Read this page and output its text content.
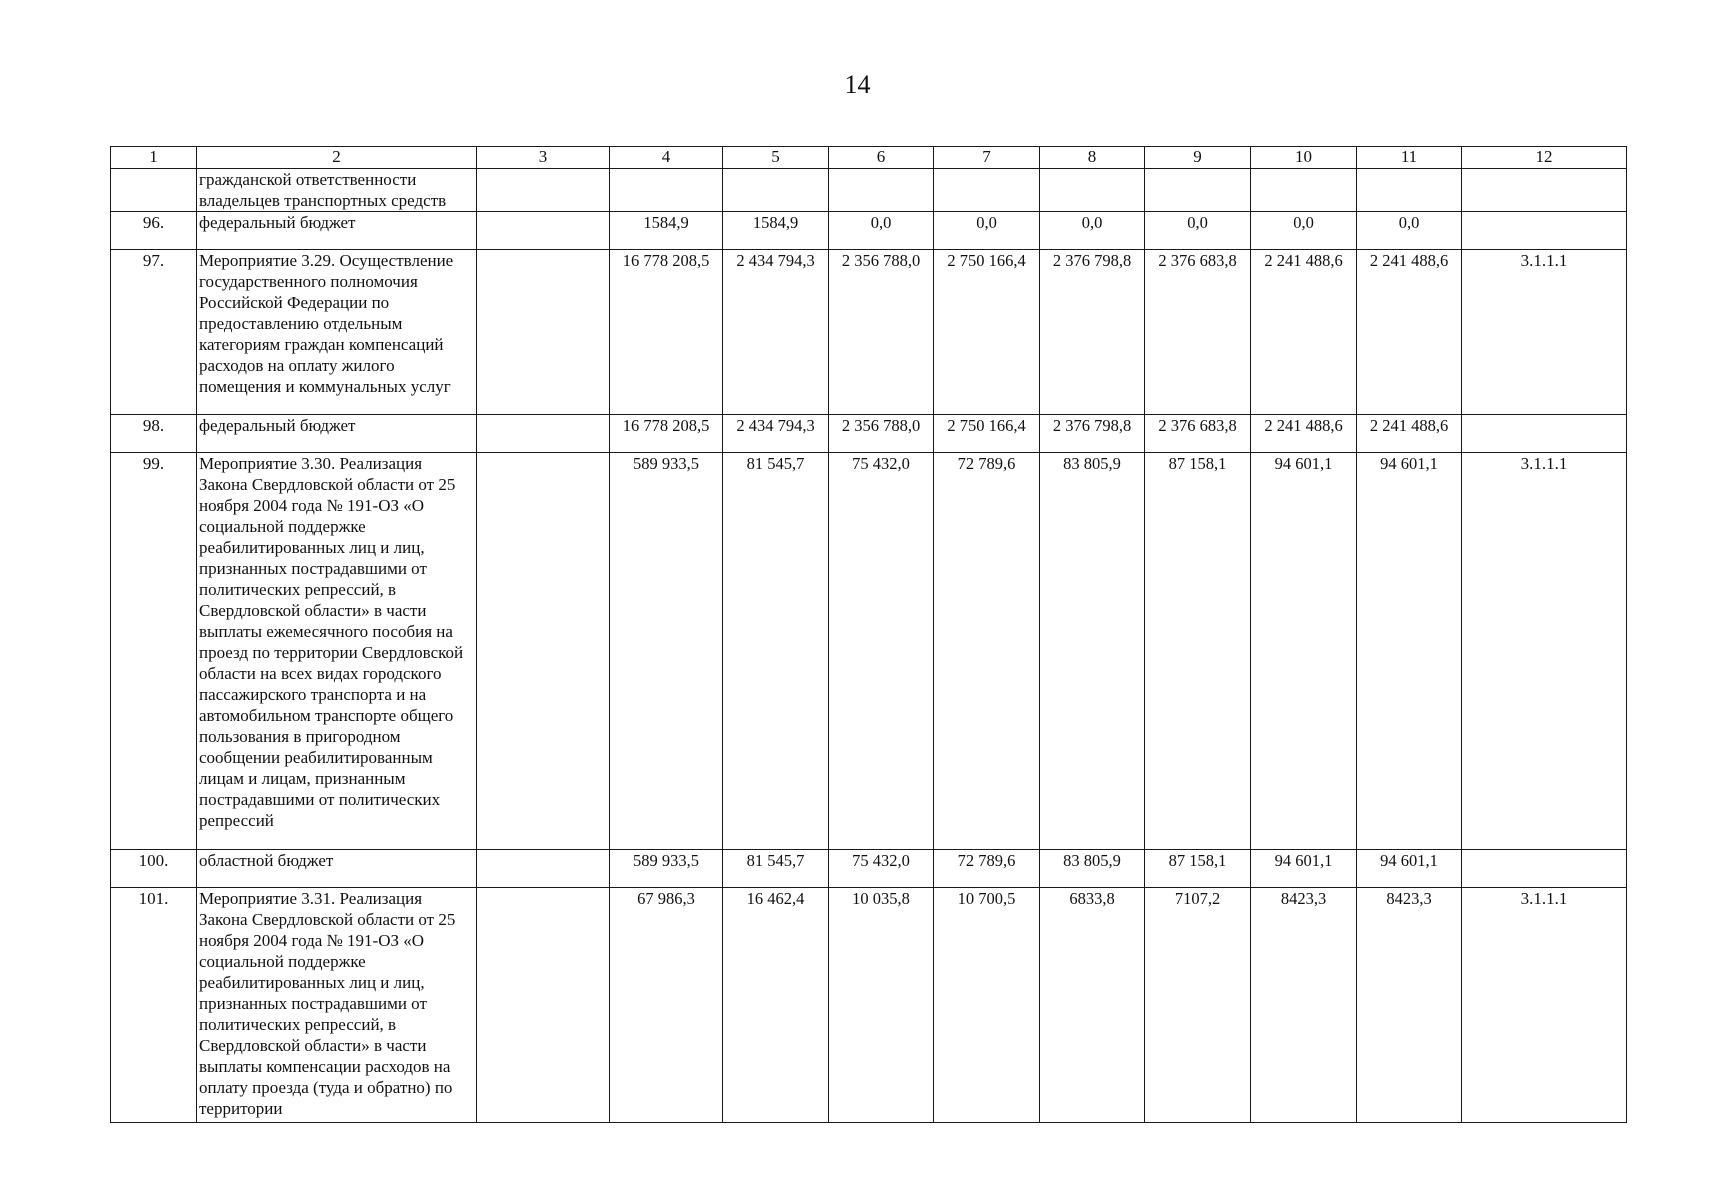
14
1	2	3	4	5	6	7	8	9	10	11	12
	гражданской ответственности владельцев транспортных средств										
96.	федеральный бюджет		1584,9	1584,9	0,0	0,0	0,0	0,0	0,0	0,0	
97.	Мероприятие 3.29. Осуществление государственного полномочия Российской Федерации по предоставлению отдельным категориям граждан компенсаций расходов на оплату жилого помещения и коммунальных услуг		16 778 208,5	2 434 794,3	2 356 788,0	2 750 166,4	2 376 798,8	2 376 683,8	2 241 488,6	2 241 488,6	3.1.1.1
98.	федеральный бюджет		16 778 208,5	2 434 794,3	2 356 788,0	2 750 166,4	2 376 798,8	2 376 683,8	2 241 488,6	2 241 488,6	
99.	Мероприятие 3.30. Реализация Закона Свердловской области от 25 ноября 2004 года № 191-ОЗ «О социальной поддержке реабилитированных лиц и лиц, признанных пострадавшими от политических репрессий, в Свердловской области» в части выплаты ежемесячного пособия на проезд по территории Свердловской области на всех видах городского пассажирского транспорта и на автомобильном транспорте общего пользования в пригородном сообщении реабилитированным лицам и лицам, признанным пострадавшими от политических репрессий		589 933,5	81 545,7	75 432,0	72 789,6	83 805,9	87 158,1	94 601,1	94 601,1	3.1.1.1
100.	областной бюджет		589 933,5	81 545,7	75 432,0	72 789,6	83 805,9	87 158,1	94 601,1	94 601,1	
101.	Мероприятие 3.31. Реализация Закона Свердловской области от 25 ноября 2004 года № 191-ОЗ «О социальной поддержке реабилитированных лиц и лиц, признанных пострадавшими от политических репрессий, в Свердловской области» в части выплаты компенсации расходов на оплату проезда (туда и обратно) по территории		67 986,3	16 462,4	10 035,8	10 700,5	6833,8	7107,2	8423,3	8423,3	3.1.1.1
